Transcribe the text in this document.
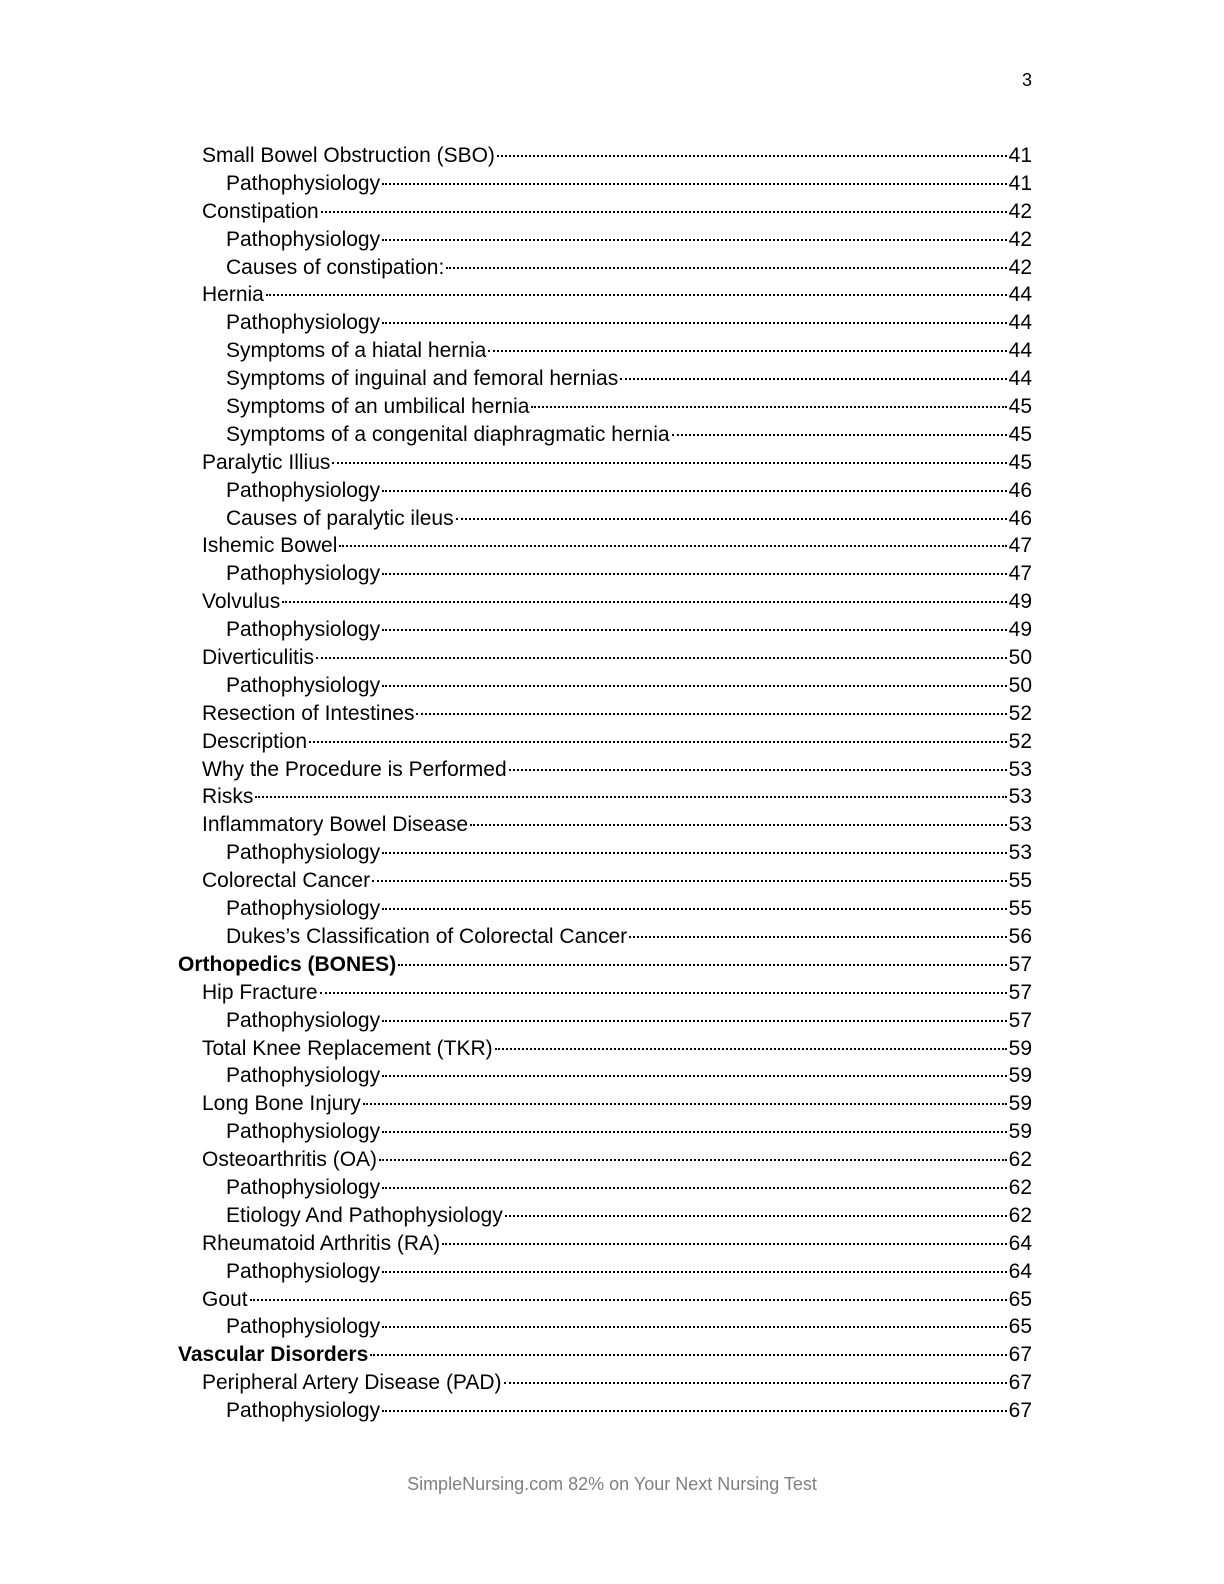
3
Small Bowel Obstruction (SBO)	41
Pathophysiology	41
Constipation	42
Pathophysiology	42
Causes of constipation:	42
Hernia	44
Pathophysiology	44
Symptoms of a hiatal hernia	44
Symptoms of inguinal and femoral hernias	44
Symptoms of an umbilical hernia	45
Symptoms of a congenital diaphragmatic hernia	45
Paralytic Illius	45
Pathophysiology	46
Causes of paralytic ileus	46
Ishemic Bowel	47
Pathophysiology	47
Volvulus	49
Pathophysiology	49
Diverticulitis	50
Pathophysiology	50
Resection of Intestines	52
Description	52
Why the Procedure is Performed	53
Risks	53
Inflammatory Bowel Disease	53
Pathophysiology	53
Colorectal Cancer	55
Pathophysiology	55
Dukes’s Classification of Colorectal Cancer	56
Orthopedics (BONES)	57
Hip Fracture	57
Pathophysiology	57
Total Knee Replacement (TKR)	59
Pathophysiology	59
Long Bone Injury	59
Pathophysiology	59
Osteoarthritis (OA)	62
Pathophysiology	62
Etiology And Pathophysiology	62
Rheumatoid Arthritis (RA)	64
Pathophysiology	64
Gout	65
Pathophysiology	65
Vascular Disorders	67
Peripheral Artery Disease (PAD)	67
Pathophysiology	67
SimpleNursing.com 82% on Your Next Nursing Test
